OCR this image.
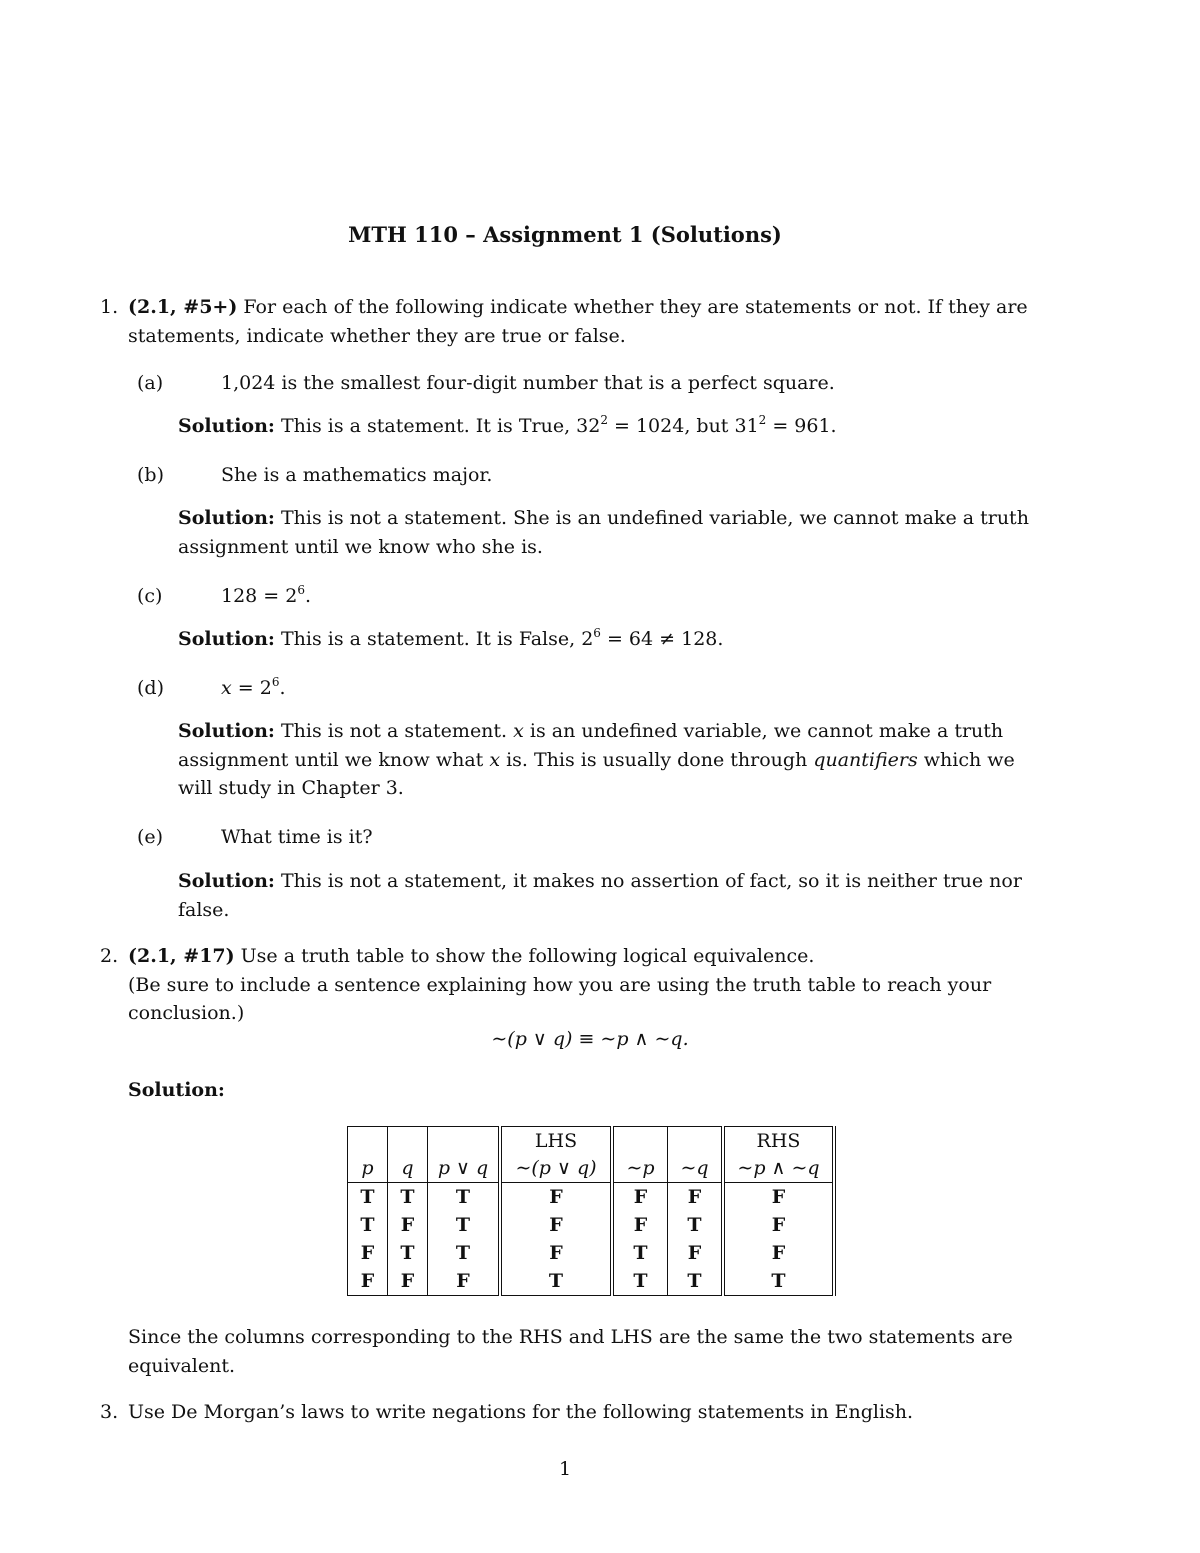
MTH 110 – Assignment 1 (Solutions)
1. (2.1, #5+) For each of the following indicate whether they are statements or not. If they are
statements, indicate whether they are true or false.
(a)	1,024 is the smallest four-digit number that is a perfect square.
Solution: This is a statement. It is True, $32^2 = 1024$, but $31^2 = 961$.
(b)	She is a mathematics major.
Solution: This is not a statement. She is an undefined variable, we cannot make a truth
assignment until we know who she is.
(c)	$128 = 2^6$.
Solution: This is a statement. It is False, $2^6 = 64 \ne 128$.
(d)	$x = 2^6$.
Solution: This is not a statement. x is an undefined variable, we cannot make a truth
assignment until we know what x is. This is usually done through quantifiers which we
will study in Chapter 3.
(e)	What time is it?
Solution: This is not a statement, it makes no assertion of fact, so it is neither true nor
false.
2. (2.1, #17) Use a truth table to show the following logical equivalence.
(Be sure to include a sentence explaining how you are using the truth table to reach your
conclusion.)
∼(p ∨ q) ≡ ∼p ∧ ∼q.
Solution:
			LHS			RHS
p	q	p ∨ q	∼(p ∨ q)	∼p	∼q	∼p ∧ ∼q
T	T	T	F	F	F	F
T	F	T	F	F	T	F
F	T	T	F	T	F	F
F	F	F	T	T	T	T
Since the columns corresponding to the RHS and LHS are the same the two statements are
equivalent.
3. Use De Morgan’s laws to write negations for the following statements in English.
1
